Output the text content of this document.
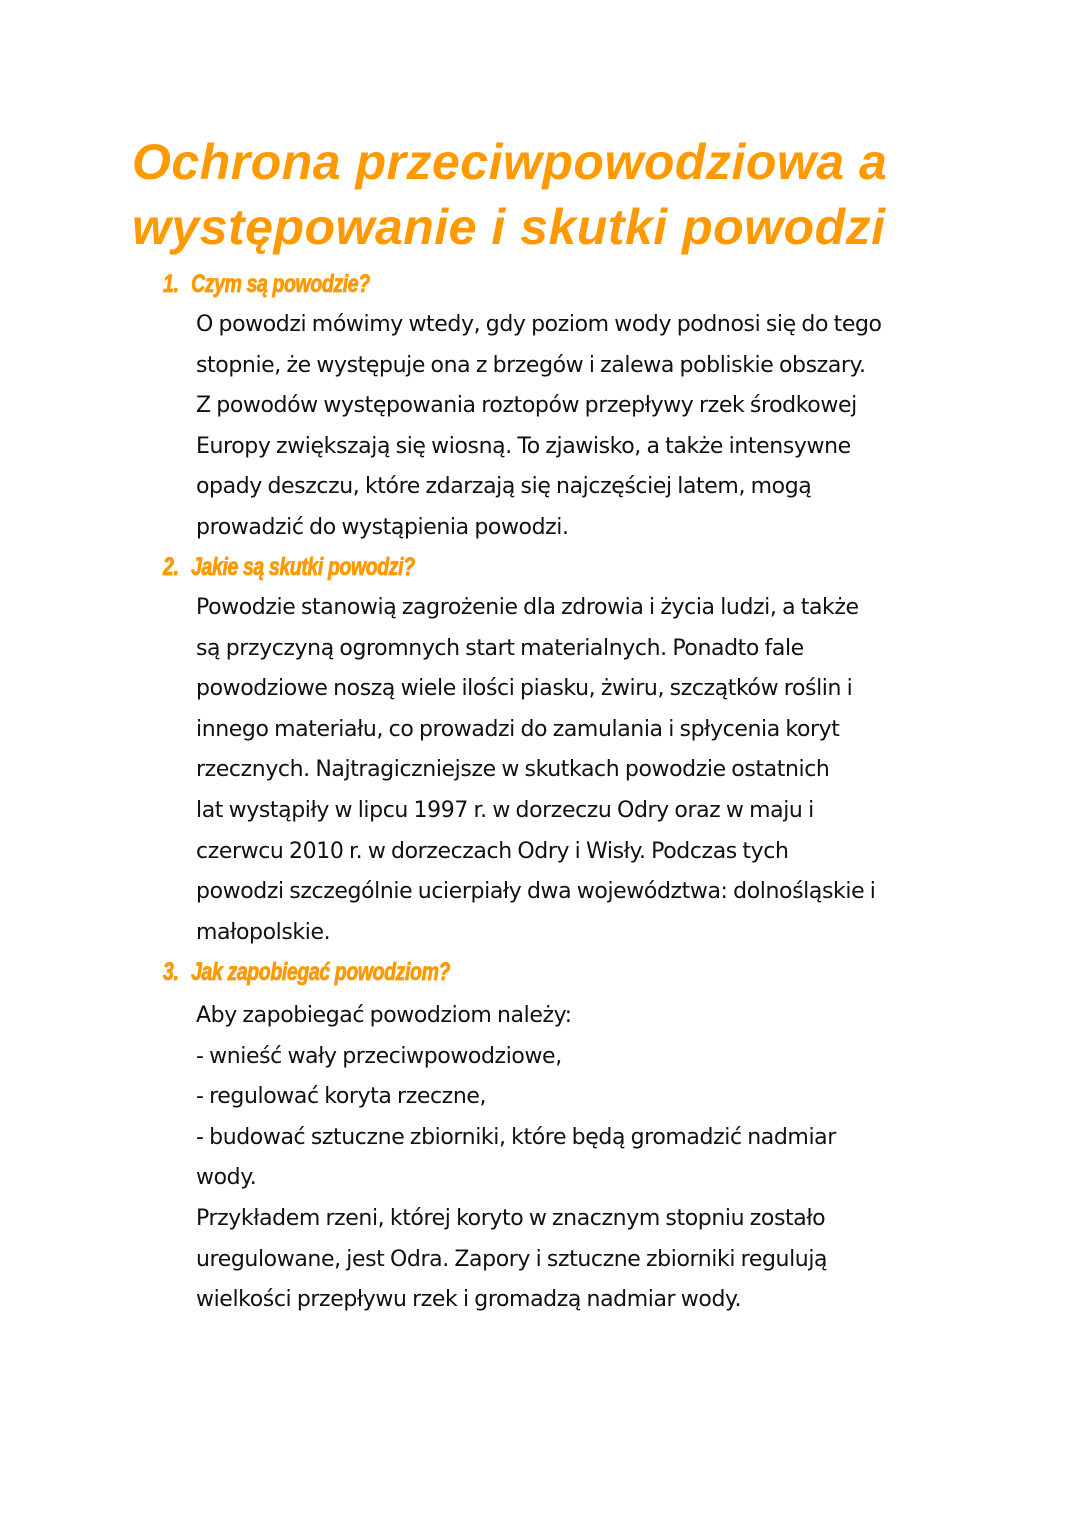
Ochrona przeciwpowodziowa a
występowanie i skutki powodzi
1. Czym są powodzie?
O powodzi mówimy wtedy, gdy poziom wody podnosi się do tego
stopnie, że występuje ona z brzegów i zalewa pobliskie obszary.
Z powodów występowania roztopów przepływy rzek środkowej
Europy zwiększają się wiosną. To zjawisko, a także intensywne
opady deszczu, które zdarzają się najczęściej latem, mogą
prowadzić do wystąpienia powodzi.
2. Jakie są skutki powodzi?
Powodzie stanowią zagrożenie dla zdrowia i życia ludzi, a także
są przyczyną ogromnych start materialnych. Ponadto fale
powodziowe noszą wiele ilości piasku, żwiru, szczątków roślin i
innego materiału, co prowadzi do zamulania i spłycenia koryt
rzecznych. Najtragiczniejsze w skutkach powodzie ostatnich
lat wystąpiły w lipcu 1997 r. w dorzeczu Odry oraz w maju i
czerwcu 2010 r. w dorzeczach Odry i Wisły. Podczas tych
powodzi szczególnie ucierpiały dwa województwa: dolnośląskie i
małopolskie.
3. Jak zapobiegać powodziom?
Aby zapobiegać powodziom należy:
- wnieść wały przeciwpowodziowe,
- regulować koryta rzeczne,
- budować sztuczne zbiorniki, które będą gromadzić nadmiar
wody.
Przykładem rzeni, której koryto w znacznym stopniu zostało
uregulowane, jest Odra. Zapory i sztuczne zbiorniki regulują
wielkości przepływu rzek i gromadzą nadmiar wody.
